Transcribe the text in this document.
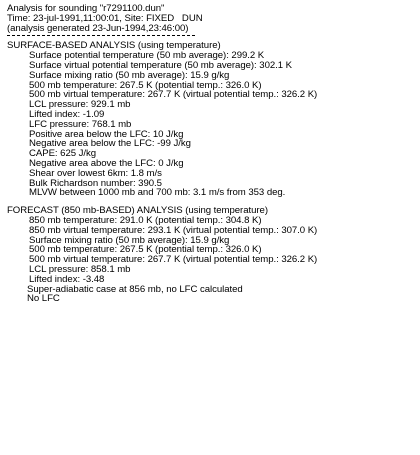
Analysis for sounding "r7291100.dun"
Time: 23-jul-1991,11:00:01, Site: FIXED   DUN
(analysis generated 23-Jun-1994,23:46:00)
SURFACE-BASED ANALYSIS (using temperature)
Surface potential temperature (50 mb average): 299.2 K
Surface virtual potential temperature (50 mb average): 302.1 K
Surface mixing ratio (50 mb average): 15.9 g/kg
500 mb temperature: 267.5 K (potential temp.: 326.0 K)
500 mb virtual temperature: 267.7 K (virtual potential temp.: 326.2 K)
LCL pressure: 929.1 mb
Lifted index: -1.09
LFC pressure: 768.1 mb
Positive area below the LFC: 10 J/kg
Negative area below the LFC: -99 J/kg
CAPE: 625 J/kg
Negative area above the LFC: 0 J/kg
Shear over lowest 6km: 1.8 m/s
Bulk Richardson number: 390.5
MLVW between 1000 mb and 700 mb: 3.1 m/s from 353 deg.
FORECAST (850 mb-BASED) ANALYSIS (using temperature)
850 mb temperature: 291.0 K (potential temp.: 304.8 K)
850 mb virtual temperature: 293.1 K (virtual potential temp.: 307.0 K)
Surface mixing ratio (50 mb average): 15.9 g/kg
500 mb temperature: 267.5 K (potential temp.: 326.0 K)
500 mb virtual temperature: 267.7 K (virtual potential temp.: 326.2 K)
LCL pressure: 858.1 mb
Lifted index: -3.48
Super-adiabatic case at 856 mb, no LFC calculated
No LFC
